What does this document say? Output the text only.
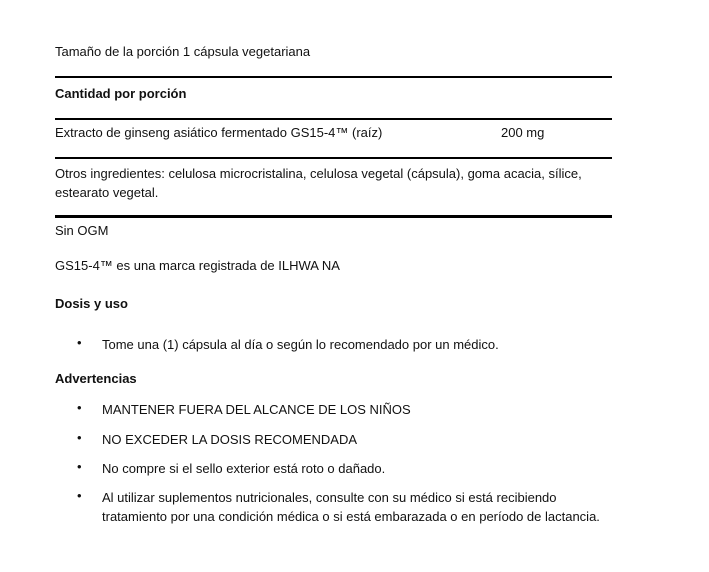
Tamaño de la porción 1 cápsula vegetariana
Cantidad por porción
Extracto de ginseng asiático fermentado GS15-4™ (raíz)	200 mg
Otros ingredientes: celulosa microcristalina, celulosa vegetal (cápsula), goma acacia, sílice, estearato vegetal.
Sin OGM
GS15-4™ es una marca registrada de ILHWA NA
Dosis y uso
• Tome una (1) cápsula al día o según lo recomendado por un médico.
Advertencias
• MANTENER FUERA DEL ALCANCE DE LOS NIÑOS
• NO EXCEDER LA DOSIS RECOMENDADA
• No compre si el sello exterior está roto o dañado.
• Al utilizar suplementos nutricionales, consulte con su médico si está recibiendo tratamiento por una condición médica o si está embarazada o en período de lactancia.
